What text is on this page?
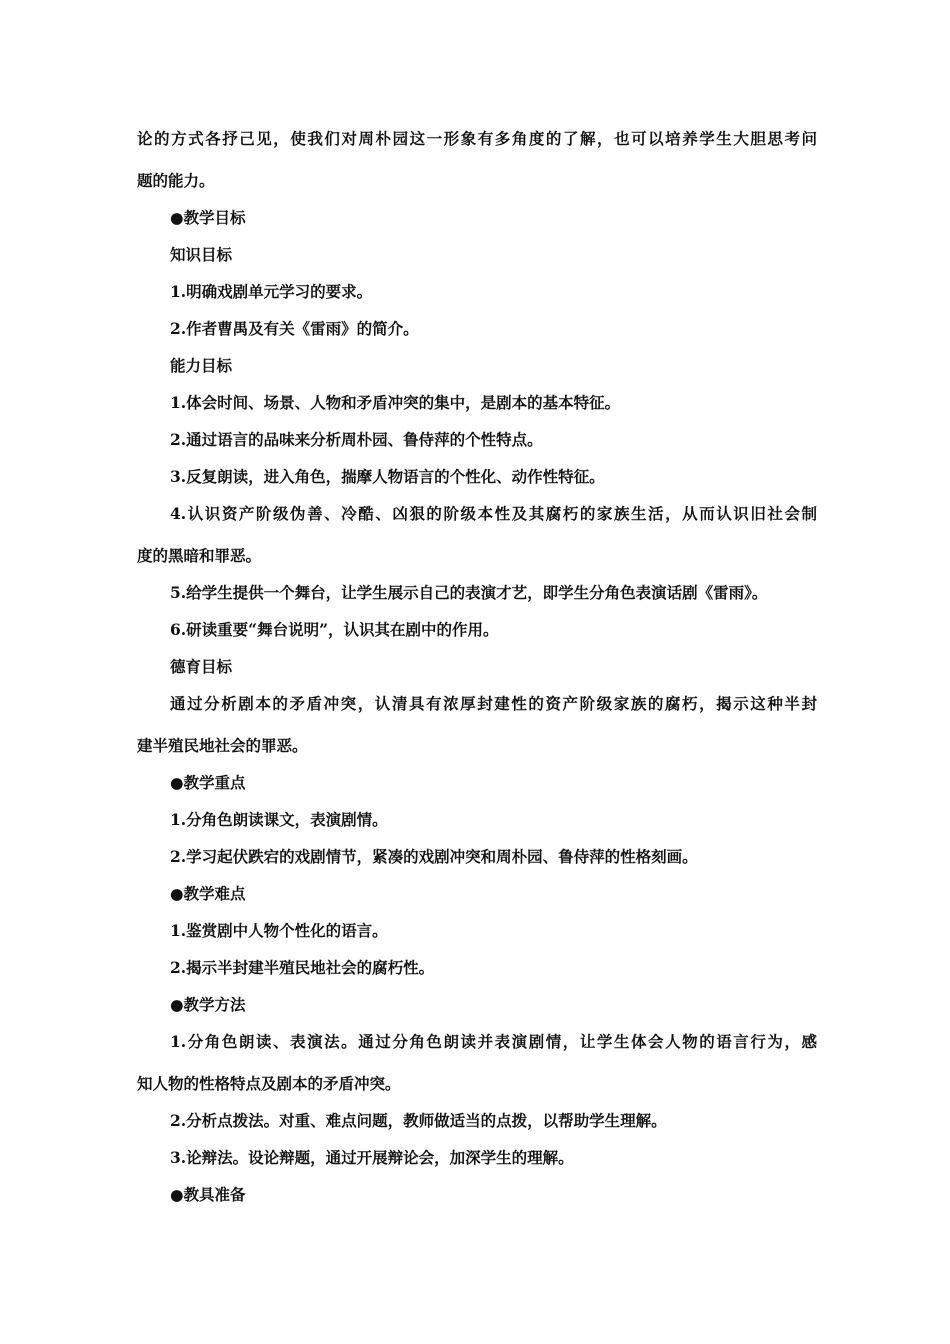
论的方式各抒己见，使我们对周朴园这一形象有多角度的了解，也可以培养学生大胆思考问
题的能力。
●教学目标
知识目标
1.明确戏剧单元学习的要求。
2.作者曹禺及有关《雷雨》的简介。
能力目标
1.体会时间、场景、人物和矛盾冲突的集中，是剧本的基本特征。
2.通过语言的品味来分析周朴园、鲁侍萍的个性特点。
3.反复朗读，进入角色，揣摩人物语言的个性化、动作性特征。
4.认识资产阶级伪善、冷酷、凶狠的阶级本性及其腐朽的家族生活，从而认识旧社会制
度的黑暗和罪恶。
5.给学生提供一个舞台，让学生展示自己的表演才艺，即学生分角色表演话剧《雷雨》。
6.研读重要“舞台说明”，认识其在剧中的作用。
德育目标
通过分析剧本的矛盾冲突，认清具有浓厚封建性的资产阶级家族的腐朽，揭示这种半封
建半殖民地社会的罪恶。
●教学重点
1.分角色朗读课文，表演剧情。
2.学习起伏跌宕的戏剧情节，紧凑的戏剧冲突和周朴园、鲁侍萍的性格刻画。
●教学难点
1.鉴赏剧中人物个性化的语言。
2.揭示半封建半殖民地社会的腐朽性。
●教学方法
1.分角色朗读、表演法。通过分角色朗读并表演剧情，让学生体会人物的语言行为，感
知人物的性格特点及剧本的矛盾冲突。
2.分析点拨法。对重、难点问题，教师做适当的点拨，以帮助学生理解。
3.论辩法。设论辩题，通过开展辩论会，加深学生的理解。
●教具准备
